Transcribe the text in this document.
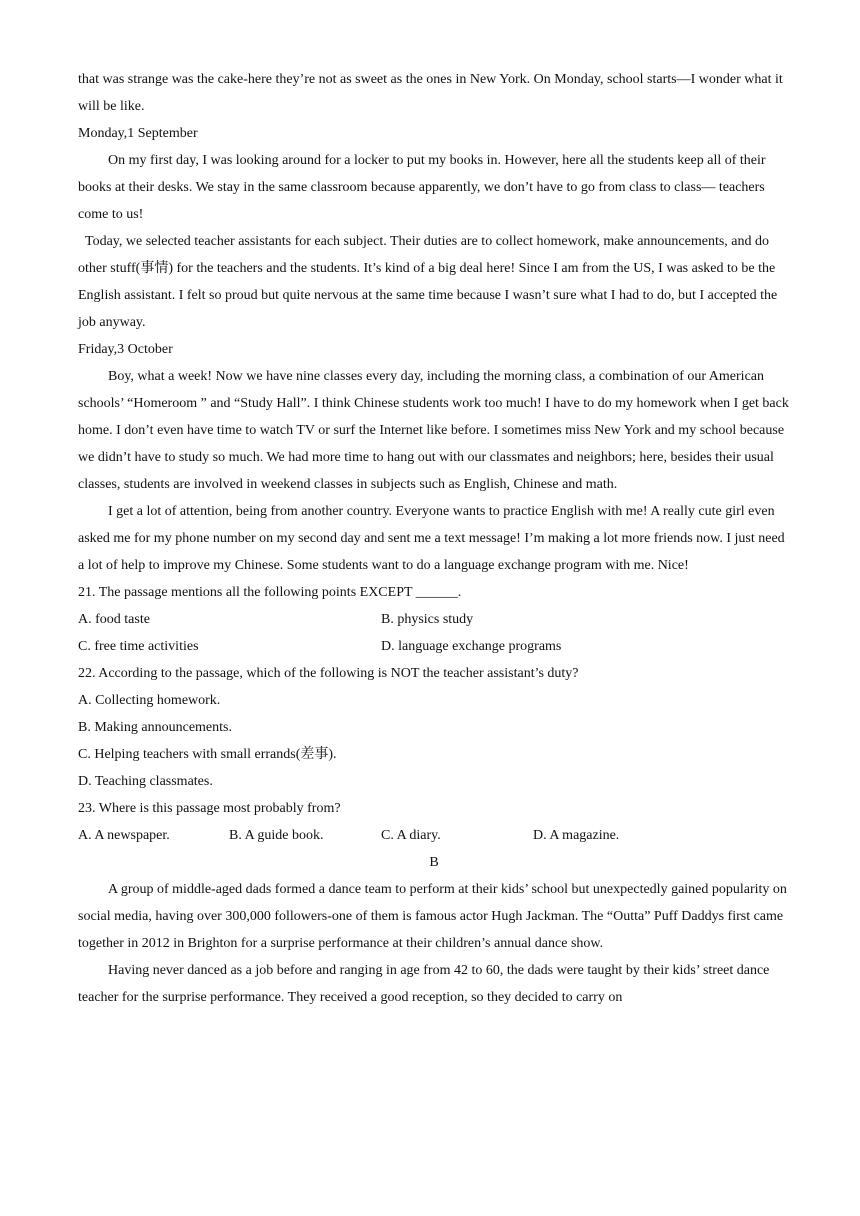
that was strange was the cake-here they’re not as sweet as the ones in New York. On Monday, school starts—I wonder what it will be like.

Monday,1 September

On my first day, I was looking around for a locker to put my books in. However, here all the students keep all of their books at their desks. We stay in the same classroom because apparently, we don’t have to go from class to class— teachers come to us!

Today, we selected teacher assistants for each subject. Their duties are to collect homework, make announcements, and do other stuff(事情) for the teachers and the students. It’s kind of a big deal here! Since I am from the US, I was asked to be the English assistant. I felt so proud but quite nervous at the same time because I wasn’t sure what I had to do, but I accepted the job anyway.

Friday,3 October

Boy, what a week! Now we have nine classes every day, including the morning class, a combination of our American schools’ “Homeroom ” and “Study Hall”. I think Chinese students work too much! I have to do my homework when I get back home. I don’t even have time to watch TV or surf the Internet like before. I sometimes miss New York and my school because we didn’t have to study so much. We had more time to hang out with our classmates and neighbors; here, besides their usual classes, students are involved in weekend classes in subjects such as English, Chinese and math.

I get a lot of attention, being from another country. Everyone wants to practice English with me! A really cute girl even asked me for my phone number on my second day and sent me a text message! I’m making a lot more friends now. I just need a lot of help to improve my Chinese. Some students want to do a language exchange program with me. Nice!

21. The passage mentions all the following points EXCEPT ______.

A. food taste	B. physics study
C. free time activities	D. language exchange programs

22. According to the passage, which of the following is NOT the teacher assistant’s duty?

A. Collecting homework.

B. Making announcements.

C. Helping teachers with small errands(差事).

D. Teaching classmates.

23. Where is this passage most probably from?

A. A newspaper.	B. A guide book.	C. A diary.	D. A magazine.

B

A group of middle-aged dads formed a dance team to perform at their kids’ school but unexpectedly gained popularity on social media, having over 300,000 followers-one of them is famous actor Hugh Jackman. The “Outta” Puff Daddys first came together in 2012 in Brighton for a surprise performance at their children’s annual dance show.

Having never danced as a job before and ranging in age from 42 to 60, the dads were taught by their kids’ street dance teacher for the surprise performance. They received a good reception, so they decided to carry on
